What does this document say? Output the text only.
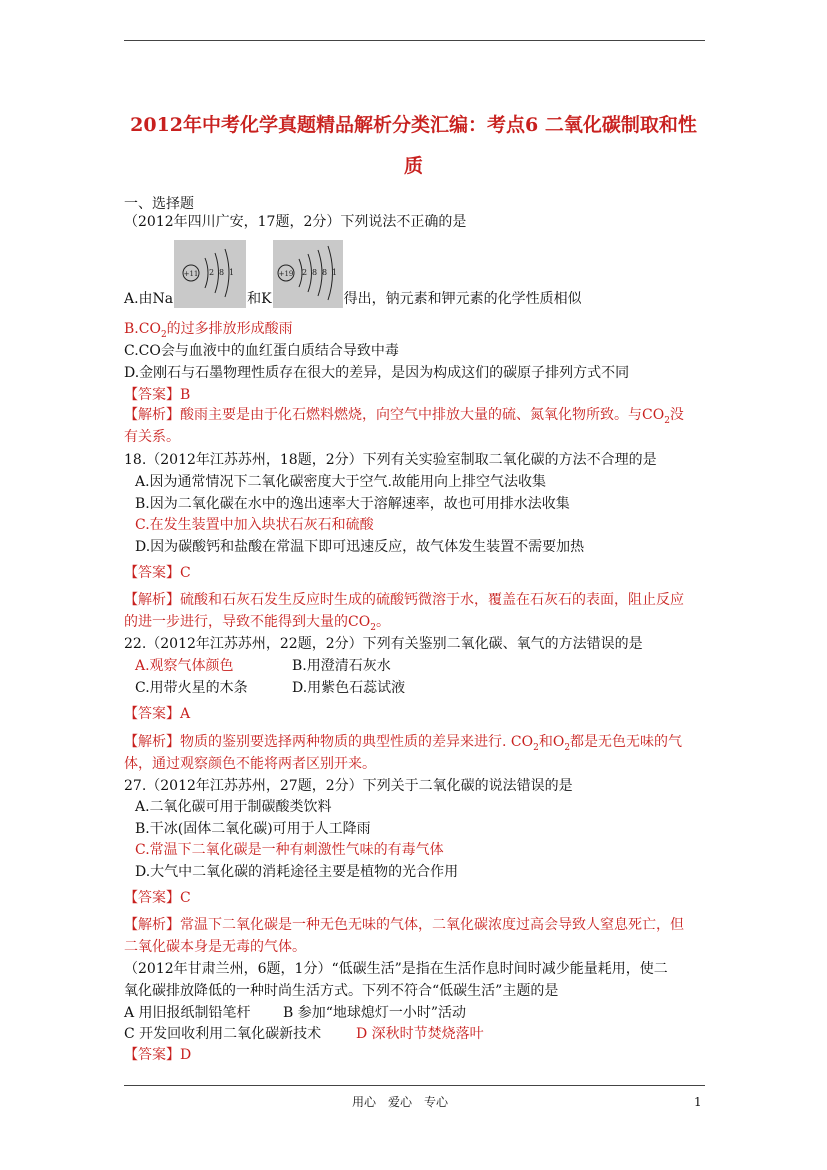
2012年中考化学真题精品解析分类汇编：考点6 二氧化碳制取和性
质
一、选择题
（2012年四川广安，17题，2分）下列说法不正确的是
A.由Na
+11 2 8 1
和K
+19 2 8 8 1
得出，钠元素和钾元素的化学性质相似
$B.CO_2$的过多排放形成酸雨
C.CO会与血液中的血红蛋白质结合导致中毒
D.金刚石与石墨物理性质存在很大的差异，是因为构成这们的碳原子排列方式不同
【答案】B
【解析】酸雨主要是由于化石燃料燃烧，向空气中排放大量的硫、氮氧化物所致。与$CO_2$没
有关系。
18.（2012年江苏苏州，18题，2分）下列有关实验室制取二氧化碳的方法不合理的是
A.因为通常情况下二氧化碳密度大于空气.故能用向上排空气法收集
B.因为二氧化碳在水中的逸出速率大于溶解速率，故也可用排水法收集
C.在发生装置中加入块状石灰石和硫酸
D.因为碳酸钙和盐酸在常温下即可迅速反应，故气体发生装置不需要加热
【答案】C
【解析】硫酸和石灰石发生反应时生成的硫酸钙微溶于水，覆盖在石灰石的表面，阻止反应
的进一步进行，导致不能得到大量的$CO_2$。
22.（2012年江苏苏州，22题，2分）下列有关鉴别二氧化碳、氧气的方法错误的是
A.观察气体颜色	B.用澄清石灰水
C.用带火星的木条	D.用紫色石蕊试液
【答案】A
【解析】物质的鉴别要选择两种物质的典型性质的差异来进行. $CO_2$和$O_2$都是无色无味的气
体，通过观察颜色不能将两者区别开来。
27.（2012年江苏苏州，27题，2分）下列关于二氧化碳的说法错误的是
A.二氧化碳可用于制碳酸类饮料
B.干冰(固体二氧化碳)可用于人工降雨
C.常温下二氧化碳是一种有刺激性气味的有毒气体
D.大气中二氧化碳的消耗途径主要是植物的光合作用
【答案】C
【解析】常温下二氧化碳是一种无色无味的气体，二氧化碳浓度过高会导致人窒息死亡，但
二氧化碳本身是无毒的气体。
（2012年甘肃兰州，6题，1分）“低碳生活”是指在生活作息时间时减少能量耗用，使二
氧化碳排放降低的一种时尚生活方式。下列不符合“低碳生活”主题的是
A 用旧报纸制铅笔杆 B 参加“地球熄灯一小时”活动
C 开发回收利用二氧化碳新技术 D 深秋时节焚烧落叶
【答案】D
用心　爱心　专心	1
